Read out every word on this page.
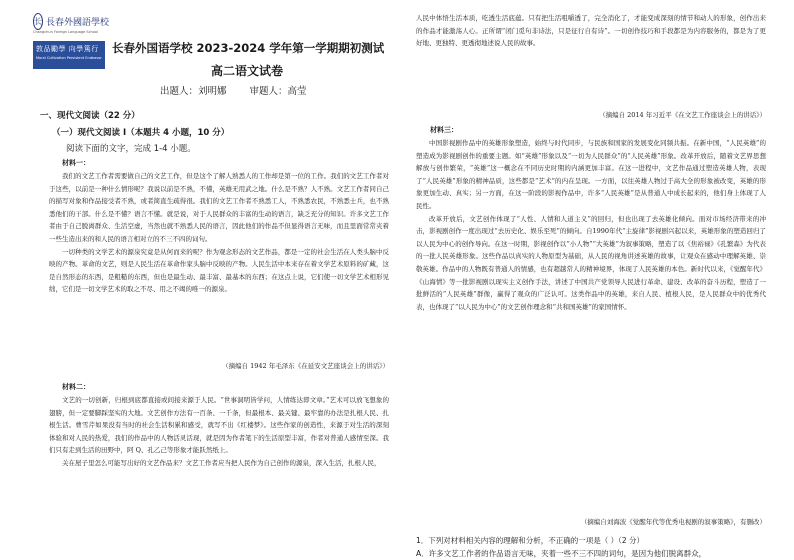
长 長春外國語學校
Changchun Foreign Language School
敦品勵學 向學篤行
Moral Cultivation Persistent Endeavor
长春外国语学校 2023-2024 学年第一学期期初测试
高二语文试卷
出题人：刘明娜 审题人：高莹
一、现代文阅读（22 分）
（一）现代文阅读 I（本题共 4 小题，10 分）
阅读下面的文字，完成 1-4 小题。
材料一：

我们的文艺工作者需要做自己的文艺工作，但是这个了解人熟悉人的工作却是第一位的工作。我们的文艺工作者对于这些，以前是一种什么情形呢？我说以前是不熟，不懂，英雄无用武之地。什么是不熟？人不熟。文艺工作者同自己的描写对象和作品接受者不熟，或者简直生疏得很。我们的文艺工作者不熟悉工人，不熟悉农民，不熟悉士兵，也不熟悉他们的干部。什么是不懂？语言不懂。就是说，对于人民群众的丰富的生动的语言，缺乏充分的知识。许多文艺工作者由于自己脱离群众、生活空虚，当然也就不熟悉人民的语言，因此他们的作品不但显得语言无味，而且里面常常夹着一些生造出来的和人民的语言相对立的不三不四的词句。

一切种类的文学艺术的源泉究竟是从何而来的呢？作为观念形态的文艺作品，都是一定的社会生活在人类头脑中反映的产物。革命的文艺，则是人民生活在革命作家头脑中反映的产物。人民生活中本来存在着文学艺术原料的矿藏，这是自然形态的东西，是粗糙的东西，但也是最生动、最丰富、最基本的东西；在这点上说，它们使一切文学艺术相形见绌，它们是一切文学艺术的取之不尽、用之不竭的唯一的源泉。

（摘编自 1942 年毛泽东《在延安文艺座谈会上的讲话》）

材料二：

文艺的一切创新，归根到底都直接或间接来源于人民。“世事洞明皆学问，人情练达即文章。”艺术可以放飞想象的翅膀，但一定要脚踩坚实的大地。文艺创作方法有一百条、一千条，但最根本、最关键、最牢靠的办法是扎根人民、扎根生活。曹雪芹如果没有当时的社会生活积累和感受，就写不出《红楼梦》。这些作家的创造性，来源于对生活的深刻体验和对人民的热爱，我们的作品中的人物活灵活现，就是因为作者笔下的生活原型丰富，作者对普通人感情至深。我们只有走到生活的田野中，阿 Q、孔乙己等形象才能跃然纸上。

关在屋子里怎么可能写出好的文艺作品来？文艺工作者应当把人民作为自己创作的源泉，深入生活，扎根人民，

人民中体悟生活本质，吃透生活底蕴。只有把生活咀嚼透了，完全消化了，才能变成深刻的情节和动人的形象，创作出来的作品才能激荡人心。正所谓“闭门觅句非诗法，只是征行自有诗”。一切创作技巧和手段都是为内容服务的，都是为了更好地、更独特、更透彻地述说人民的故事。

（摘编自 2014 年习近平《在文艺工作座谈会上的讲话》）

材料三：

中国影视剧作品中的英雄形象塑造，始终与时代同步，与民族和国家的发展变化同频共振。在新中国，“人民英雄”的塑造成为影视剧创作的重要主题。如“英雄”形象以及“一切为人民群众”的“人民英雄”形象。改革开放后，随着文艺界思想解放与创作繁荣，“英雄”这一概念在不同历史时期的内涵更加丰富。在这一进程中，文艺作品通过塑造英雄人物，表现了“人民英雄”形象的精神品质，这些都是“艺术”的内在呈现。一方面，以往英雄人物过于高大全的形象被改变，英雄的形象更加生动、真实；另一方面，在这一阶段的影视作品中，许多“人民英雄”是从普通人中成长起来的，他们身上体现了人民性。

改革开放后，文艺创作体现了“人性、人情和人道主义”的回归，但也出现了去英雄化倾向。面对市场经济带来的冲击，影视剧创作一度出现过“去历史化、娱乐至死”的倾向。自1990年代“主旋律”影视剧兴起以来，英雄形象的塑造回归了以人民为中心的创作导向。在这一时期，影视创作以“小人物”“大英雄”为叙事策略，塑造了以《焦裕禄》《孔繁森》为代表的一批人民英雄形象。这些作品以真实的人物原型为基础，从人民的视角讲述英雄的故事，让观众在感动中理解英雄、崇敬英雄。作品中的人物既有普通人的情感，也有超越常人的精神境界，体现了人民英雄的本色。新时代以来，《觉醒年代》《山海情》等一批影视剧以现实主义创作手法，讲述了中国共产党领导人民进行革命、建设、改革的奋斗历程，塑造了一批鲜活的“人民英雄”群像，赢得了观众的广泛认可。这类作品中的英雄，来自人民、植根人民，是人民群众中的优秀代表，也体现了“以人民为中心”的文艺创作理念和“共和国英雄”的家国情怀。

（摘编自刘海波《觉醒年代等优秀电视剧的叙事策略》，有删改）

1．下列对材料相关内容的理解和分析，不正确的一项是（ ）（2 分）
A．许多文艺工作者的作品语言无味，夹着一些不三不四的词句，是因为他们脱离群众，
